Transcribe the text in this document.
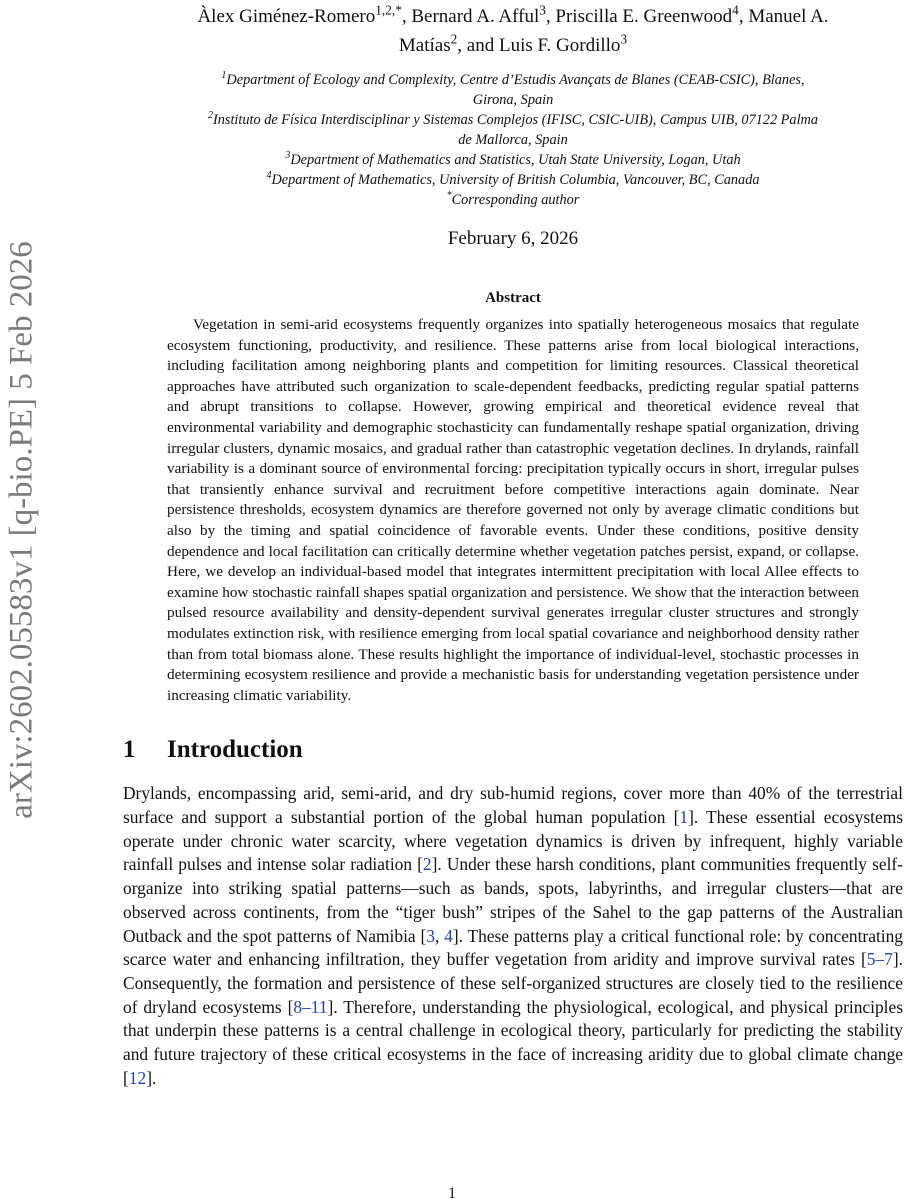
arXiv:2602.05583v1 [q-bio.PE] 5 Feb 2026
Àlex Giménez-Romero$^{1,2,*}$, Bernard A. Afful$^3$, Priscilla E. Greenwood$^4$, Manuel A.
Matías$^2$, and Luis F. Gordillo$^3$

$^1$Department of Ecology and Complexity, Centre d’Estudis Avançats de Blanes (CEAB-CSIC), Blanes,
Girona, Spain

$^2$Instituto de Física Interdisciplinar y Sistemas Complejos (IFISC, CSIC-UIB), Campus UIB, 07122 Palma
de Mallorca, Spain

$^3$Department of Mathematics and Statistics, Utah State University, Logan, Utah

$^4$Department of Mathematics, University of British Columbia, Vancouver, BC, Canada

*Corresponding author

February 6, 2026
Abstract

Vegetation in semi-arid ecosystems frequently organizes into spatially heterogeneous mosaics that regulate ecosystem functioning, productivity, and resilience. These patterns arise from local biological interactions, including facilitation among neighboring plants and competition for limiting resources. Classical theoretical approaches have attributed such organization to scale-dependent feedbacks, predicting regular spatial patterns and abrupt transitions to collapse. However, growing empirical and theoretical evidence reveal that environmental variability and demographic stochasticity can fundamentally reshape spatial organization, driving irregular clusters, dynamic mosaics, and gradual rather than catastrophic vegetation declines. In drylands, rainfall variability is a dominant source of environmental forcing: precipitation typically occurs in short, irregular pulses that transiently enhance survival and recruitment before competitive interactions again dominate. Near persistence thresholds, ecosystem dynamics are therefore governed not only by average climatic conditions but also by the timing and spatial coincidence of favorable events. Under these conditions, positive density dependence and local facilitation can critically determine whether vegetation patches persist, expand, or collapse. Here, we develop an individual-based model that integrates intermittent precipitation with local Allee effects to examine how stochastic rainfall shapes spatial organization and persistence. We show that the interaction between pulsed resource availability and density-dependent survival generates irregular cluster structures and strongly modulates extinction risk, with resilience emerging from local spatial covariance and neighborhood density rather than from total biomass alone. These results highlight the importance of individual-level, stochastic processes in determining ecosystem resilience and provide a mechanistic basis for understanding vegetation persistence under increasing climatic variability.

1 Introduction

Drylands, encompassing arid, semi-arid, and dry sub-humid regions, cover more than 40% of the terrestrial surface and support a substantial portion of the global human population [1]. These essential ecosystems operate under chronic water scarcity, where vegetation dynamics is driven by infrequent, highly variable rainfall pulses and intense solar radiation [2]. Under these harsh conditions, plant communities frequently self-organize into striking spatial patterns—such as bands, spots, labyrinths, and irregular clusters—that are observed across continents, from the “tiger bush” stripes of the Sahel to the gap patterns of the Australian Outback and the spot patterns of Namibia [3, 4]. These patterns play a critical functional role: by concentrating scarce water and enhancing infiltration, they buffer vegetation from aridity and improve survival rates [5–7]. Consequently, the formation and persistence of these self-organized structures are closely tied to the resilience of dryland ecosystems [8–11]. Therefore, understanding the physiological, ecological, and physical principles that underpin these patterns is a central challenge in ecological theory, particularly for predicting the stability and future trajectory of these critical ecosystems in the face of increasing aridity due to global climate change [12].

1
